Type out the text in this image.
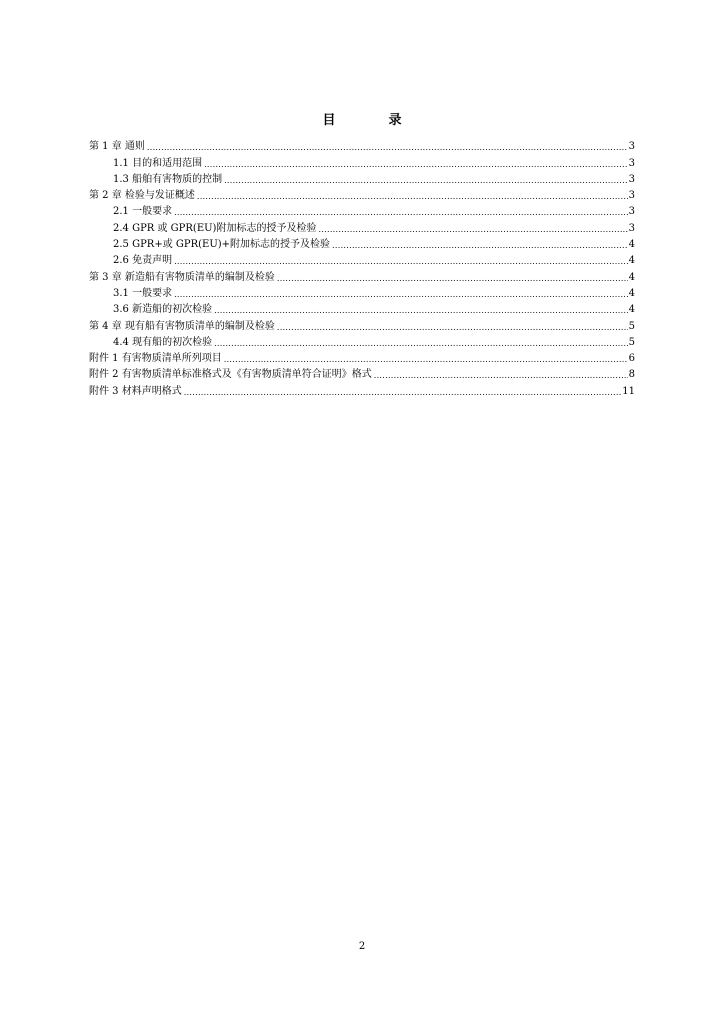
目　录
第 1 章 通则 .....	3
1.1 目的和适用范围 .....	3
1.3 船舶有害物质的控制 .....	3
第 2 章 检验与发证概述 .....	3
2.1 一般要求 .....	3
2.4 GPR 或 GPR(EU)附加标志的授予及检验 .....	3
2.5 GPR+或 GPR(EU)+附加标志的授予及检验 .....	4
2.6 免责声明 .....	4
第 3 章 新造船有害物质清单的编制及检验 .....	4
3.1 一般要求 .....	4
3.6 新造船的初次检验 .....	4
第 4 章 现有船有害物质清单的编制及检验 .....	5
4.4 现有船的初次检验 .....	5
附件 1 有害物质清单所列项目 .....	6
附件 2 有害物质清单标准格式及《有害物质清单符合证明》格式 .....	8
附件 3 材料声明格式 .....	11
2
